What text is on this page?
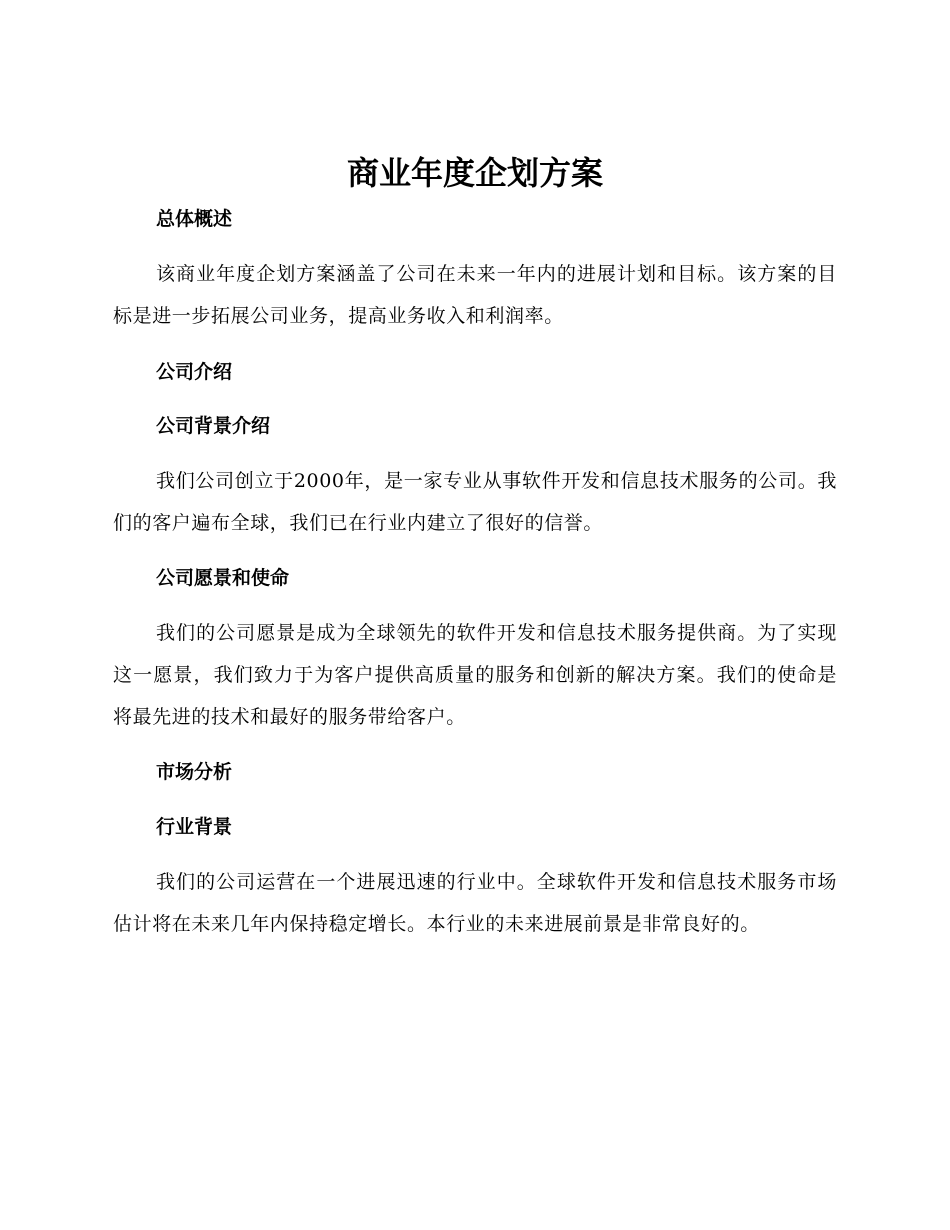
商业年度企划方案
总体概述

该商业年度企划方案涵盖了公司在未来一年内的进展计划和目标。该方案的目标是进一步拓展公司业务，提高业务收入和利润率。

公司介绍
公司背景介绍

我们公司创立于2000年，是一家专业从事软件开发和信息技术服务的公司。我们的客户遍布全球，我们已在行业内建立了很好的信誉。

公司愿景和使命

我们的公司愿景是成为全球领先的软件开发和信息技术服务提供商。为了实现这一愿景，我们致力于为客户提供高质量的服务和创新的解决方案。我们的使命是将最先进的技术和最好的服务带给客户。

市场分析
行业背景

我们的公司运营在一个进展迅速的行业中。全球软件开发和信息技术服务市场估计将在未来几年内保持稳定增长。本行业的未来进展前景是非常良好的。
